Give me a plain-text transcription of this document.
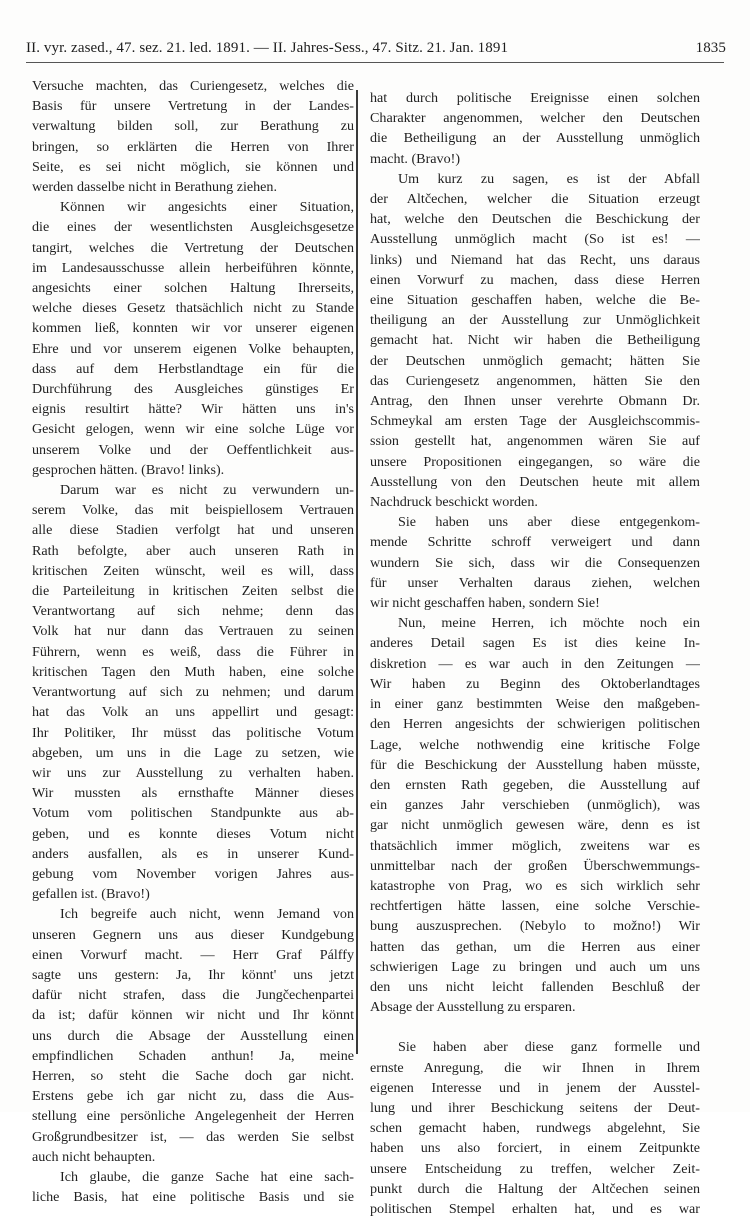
II. vyr. zased., 47. sez. 21. led. 1891. — II. Jahres-Sess., 47. Sitz. 21. Jan. 1891	1835
Versuche machten, das Curiengesetz, welches die
Basis für unsere Vertretung in der Landes-
verwaltung bilden soll, zur Berathung zu
bringen, so erklärten die Herren von Ihrer
Seite, es sei nicht möglich, sie können und
werden dasselbe nicht in Berathung ziehen.
Können wir angesichts einer Situation,
die eines der wesentlichsten Ausgleichsgesetze
tangirt, welches die Vertretung der Deutschen
im Landesausschusse allein herbeiführen könnte,
angesichts einer solchen Haltung Ihrerseits,
welche dieses Gesetz thatsächlich nicht zu Stande
kommen ließ, konnten wir vor unserer eigenen
Ehre und vor unserem eigenen Volke behaupten,
dass auf dem Herbstlandtage ein für die
Durchführung des Ausgleiches günstiges Er
eignis resultirt hätte? Wir hätten uns in's
Gesicht gelogen, wenn wir eine solche Lüge vor
unserem Volke und der Oeffentlichkeit aus-
gesprochen hätten. (Bravo! links).
Darum war es nicht zu verwundern un-
serem Volke, das mit beispiellosem Vertrauen
alle diese Stadien verfolgt hat und unseren
Rath befolgte, aber auch unseren Rath in
kritischen Zeiten wünscht, weil es will, dass
die Parteileitung in kritischen Zeiten selbst die
Verantwortang auf sich nehme; denn das
Volk hat nur dann das Vertrauen zu seinen
Führern, wenn es weiß, dass die Führer in
kritischen Tagen den Muth haben, eine solche
Verantwortung auf sich zu nehmen; und darum
hat das Volk an uns appellirt und gesagt:
Ihr Politiker, Ihr müsst das politische Votum
abgeben, um uns in die Lage zu setzen, wie
wir uns zur Ausstellung zu verhalten haben.
Wir mussten als ernsthafte Männer dieses
Votum vom politischen Standpunkte aus ab-
geben, und es konnte dieses Votum nicht
anders ausfallen, als es in unserer Kund-
gebung vom November vorigen Jahres aus-
gefallen ist. (Bravo!)
Ich begreife auch nicht, wenn Jemand von
unseren Gegnern uns aus dieser Kundgebung
einen Vorwurf macht. — Herr Graf Pálffy
sagte uns gestern: Ja, Ihr könnt' uns jetzt
dafür nicht strafen, dass die Jungčechenpartei
da ist; dafür können wir nicht und Ihr könnt
uns durch die Absage der Ausstellung einen
empfindlichen Schaden anthun! Ja, meine
Herren, so steht die Sache doch gar nicht.
Erstens gebe ich gar nicht zu, dass die Aus-
stellung eine persönliche Angelegenheit der Herren
Großgrundbesitzer ist, — das werden Sie selbst
auch nicht behaupten.
Ich glaube, die ganze Sache hat eine sach-
liche Basis, hat eine politische Basis und sie
hat durch politische Ereignisse einen solchen
Charakter angenommen, welcher den Deutschen
die Betheiligung an der Ausstellung unmöglich
macht. (Bravo!)
Um kurz zu sagen, es ist der Abfall
der Altčechen, welcher die Situation erzeugt
hat, welche den Deutschen die Beschickung der
Ausstellung unmöglich macht (So ist es! —
links) und Niemand hat das Recht, uns daraus
einen Vorwurf zu machen, dass diese Herren
eine Situation geschaffen haben, welche die Be-
theiligung an der Ausstellung zur Unmöglichkeit
gemacht hat. Nicht wir haben die Betheiligung
der Deutschen unmöglich gemacht; hätten Sie
das Curiengesetz angenommen, hätten Sie den
Antrag, den Ihnen unser verehrte Obmann Dr.
Schmeykal am ersten Tage der Ausgleichscommis-
ssion gestellt hat, angenommen wären Sie auf
unsere Propositionen eingegangen, so wäre die
Ausstellung von den Deutschen heute mit allem
Nachdruck beschickt worden.
Sie haben uns aber diese entgegenkom-
mende Schritte schroff verweigert und dann
wundern Sie sich, dass wir die Consequenzen
für unser Verhalten daraus ziehen, welchen
wir nicht geschaffen haben, sondern Sie!
Nun, meine Herren, ich möchte noch ein
anderes Detail sagen Es ist dies keine In-
diskretion — es war auch in den Zeitungen —
Wir haben zu Beginn des Oktoberlandtages
in einer ganz bestimmten Weise den maßgeben-
den Herren angesichts der schwierigen politischen
Lage, welche nothwendig eine kritische Folge
für die Beschickung der Ausstellung haben müsste,
den ernsten Rath gegeben, die Ausstellung auf
ein ganzes Jahr verschieben (unmöglich), was
gar nicht unmöglich gewesen wäre, denn es ist
thatsächlich immer möglich, zweitens war es
unmittelbar nach der großen Überschwemmungs-
katastrophe von Prag, wo es sich wirklich sehr
rechtfertigen hätte lassen, eine solche Verschie-
bung auszusprechen. (Nebylo to možno!) Wir
hatten das gethan, um die Herren aus einer
schwierigen Lage zu bringen und auch um uns
den uns nicht leicht fallenden Beschluß der
Absage der Ausstellung zu ersparen.
Sie haben aber diese ganz formelle und
ernste Anregung, die wir Ihnen in Ihrem
eigenen Interesse und in jenem der Ausstel-
lung und ihrer Beschickung seitens der Deut-
schen gemacht haben, rundwegs abgelehnt, Sie
haben uns also forciert, in einem Zeitpunkte
unsere Entscheidung zu treffen, welcher Zeit-
punkt durch die Haltung der Altčechen seinen
politischen Stempel erhalten hat, und es war
